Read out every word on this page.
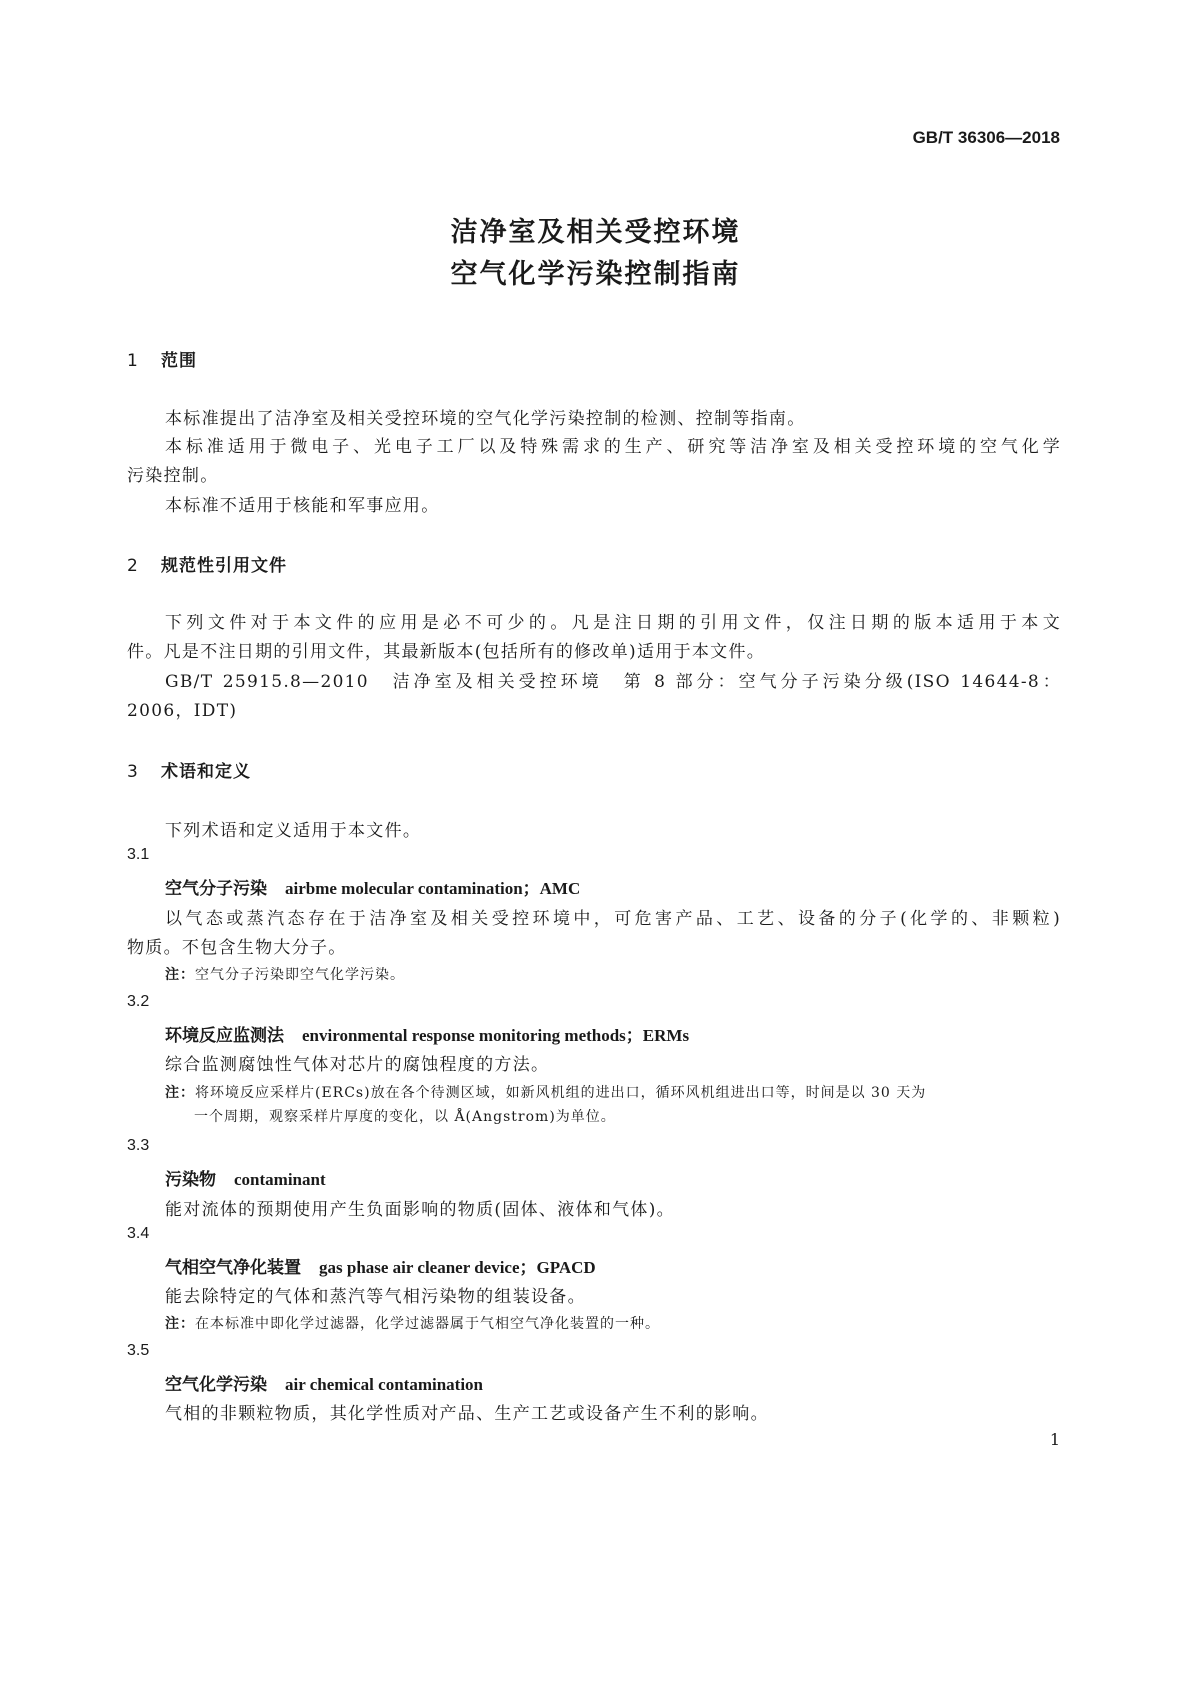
GB/T 36306—2018
洁净室及相关受控环境
空气化学污染控制指南
1 范围
本标准提出了洁净室及相关受控环境的空气化学污染控制的检测、控制等指南。
本标准适用于微电子、光电子工厂以及特殊需求的生产、研究等洁净室及相关受控环境的空气化学
污染控制。
本标准不适用于核能和军事应用。
2 规范性引用文件
下列文件对于本文件的应用是必不可少的。凡是注日期的引用文件，仅注日期的版本适用于本文
件。凡是不注日期的引用文件，其最新版本(包括所有的修改单)适用于本文件。
GB/T 25915.8—2010　洁净室及相关受控环境　第 8 部分：空气分子污染分级(ISO 14644-8：
2006，IDT)
3 术语和定义
下列术语和定义适用于本文件。
3.1
空气分子污染 airbme molecular contamination；AMC
以气态或蒸汽态存在于洁净室及相关受控环境中，可危害产品、工艺、设备的分子(化学的、非颗粒)
物质。不包含生物大分子。
注：空气分子污染即空气化学污染。
3.2
环境反应监测法 environmental response monitoring methods；ERMs
综合监测腐蚀性气体对芯片的腐蚀程度的方法。
注：将环境反应采样片(ERCs)放在各个待测区域，如新风机组的进出口，循环风机组进出口等，时间是以 30 天为
一个周期，观察采样片厚度的变化，以 Å(Angstrom)为单位。
3.3
污染物 contaminant
能对流体的预期使用产生负面影响的物质(固体、液体和气体)。
3.4
气相空气净化装置 gas phase air cleaner device；GPACD
能去除特定的气体和蒸汽等气相污染物的组装设备。
注：在本标准中即化学过滤器，化学过滤器属于气相空气净化装置的一种。
3.5
空气化学污染 air chemical contamination
气相的非颗粒物质，其化学性质对产品、生产工艺或设备产生不利的影响。
1
